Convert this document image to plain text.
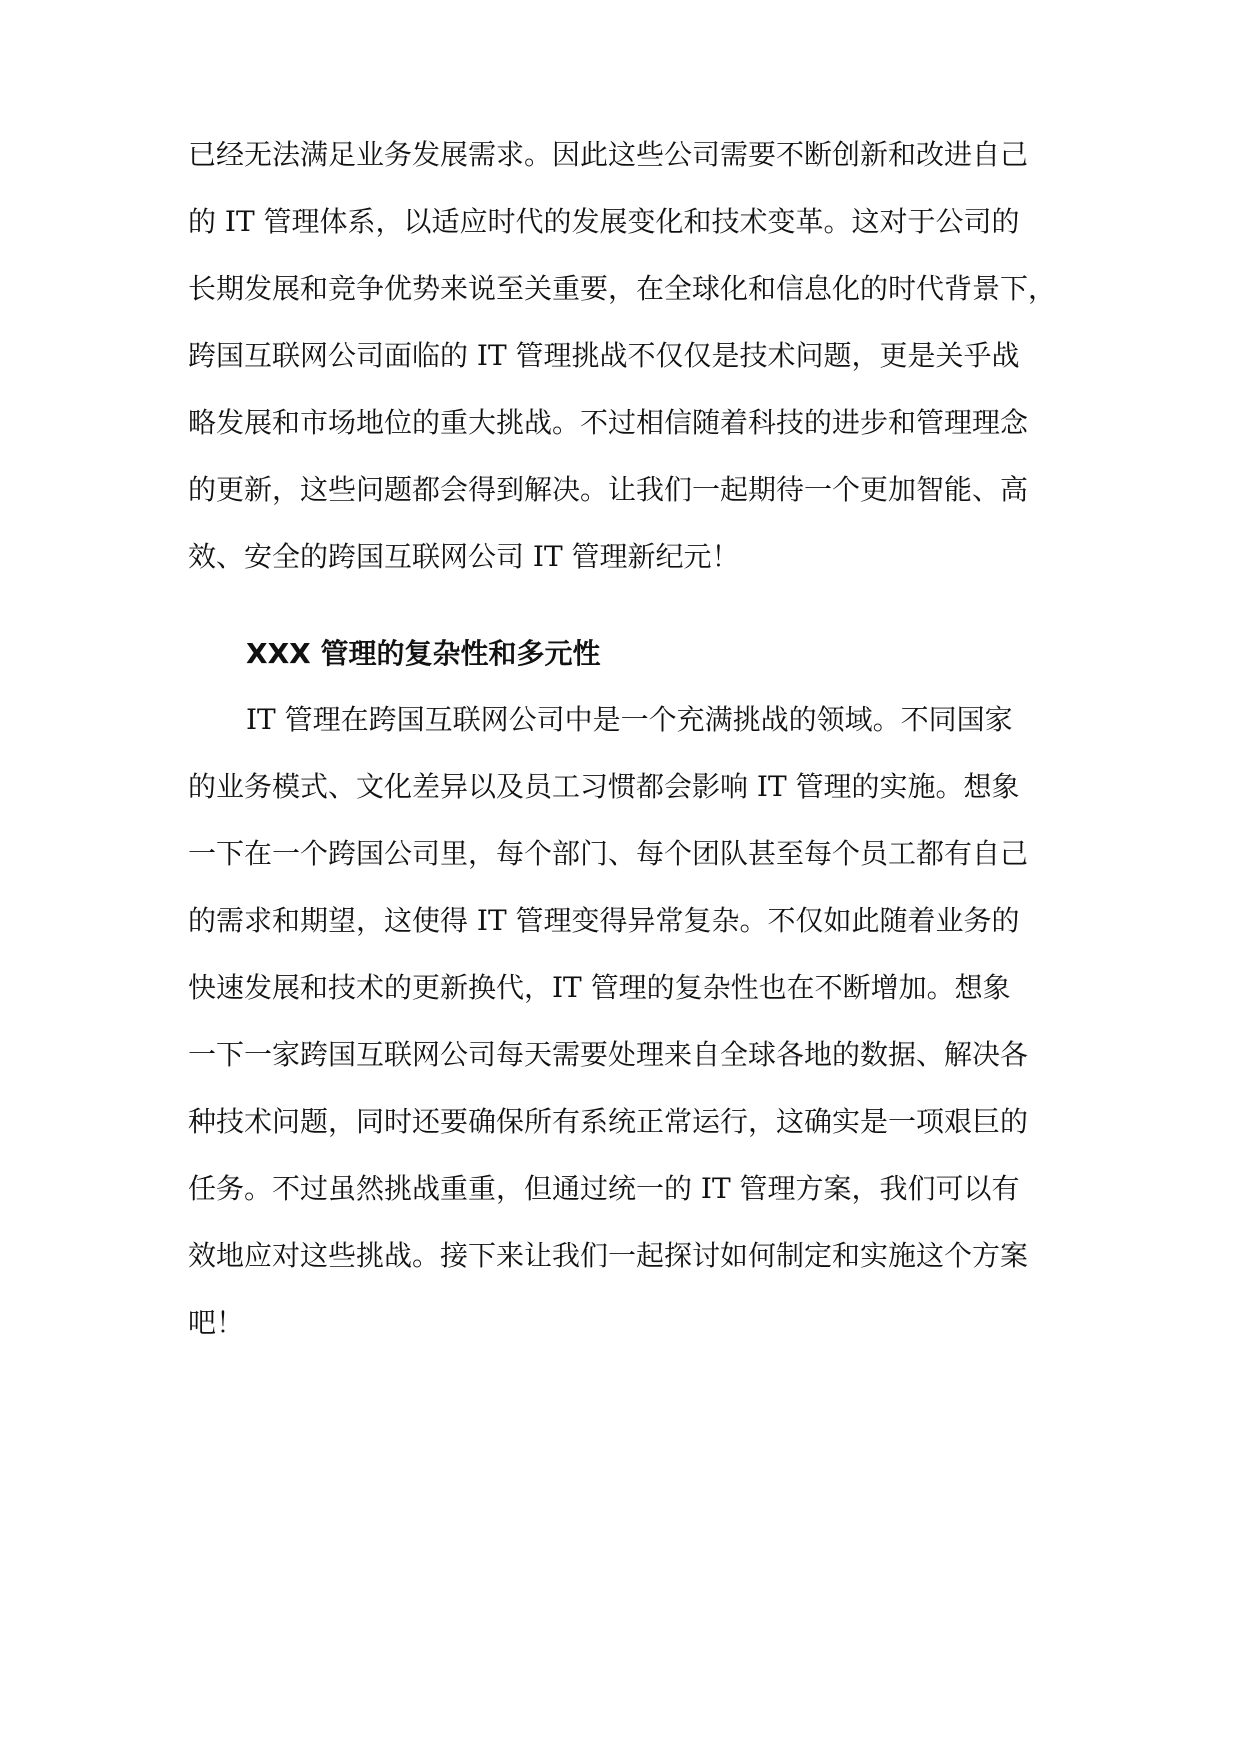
已经无法满足业务发展需求。因此这些公司需要不断创新和改进自己
的 IT 管理体系，以适应时代的发展变化和技术变革。这对于公司的
长期发展和竞争优势来说至关重要，在全球化和信息化的时代背景下，
跨国互联网公司面临的 IT 管理挑战不仅仅是技术问题，更是关乎战
略发展和市场地位的重大挑战。不过相信随着科技的进步和管理理念
的更新，这些问题都会得到解决。让我们一起期待一个更加智能、高
效、安全的跨国互联网公司 IT 管理新纪元！
XXX 管理的复杂性和多元性
IT 管理在跨国互联网公司中是一个充满挑战的领域。不同国家
的业务模式、文化差异以及员工习惯都会影响 IT 管理的实施。想象
一下在一个跨国公司里，每个部门、每个团队甚至每个员工都有自己
的需求和期望，这使得 IT 管理变得异常复杂。不仅如此随着业务的
快速发展和技术的更新换代，IT 管理的复杂性也在不断增加。想象
一下一家跨国互联网公司每天需要处理来自全球各地的数据、解决各
种技术问题，同时还要确保所有系统正常运行，这确实是一项艰巨的
任务。不过虽然挑战重重，但通过统一的 IT 管理方案，我们可以有
效地应对这些挑战。接下来让我们一起探讨如何制定和实施这个方案
吧！
